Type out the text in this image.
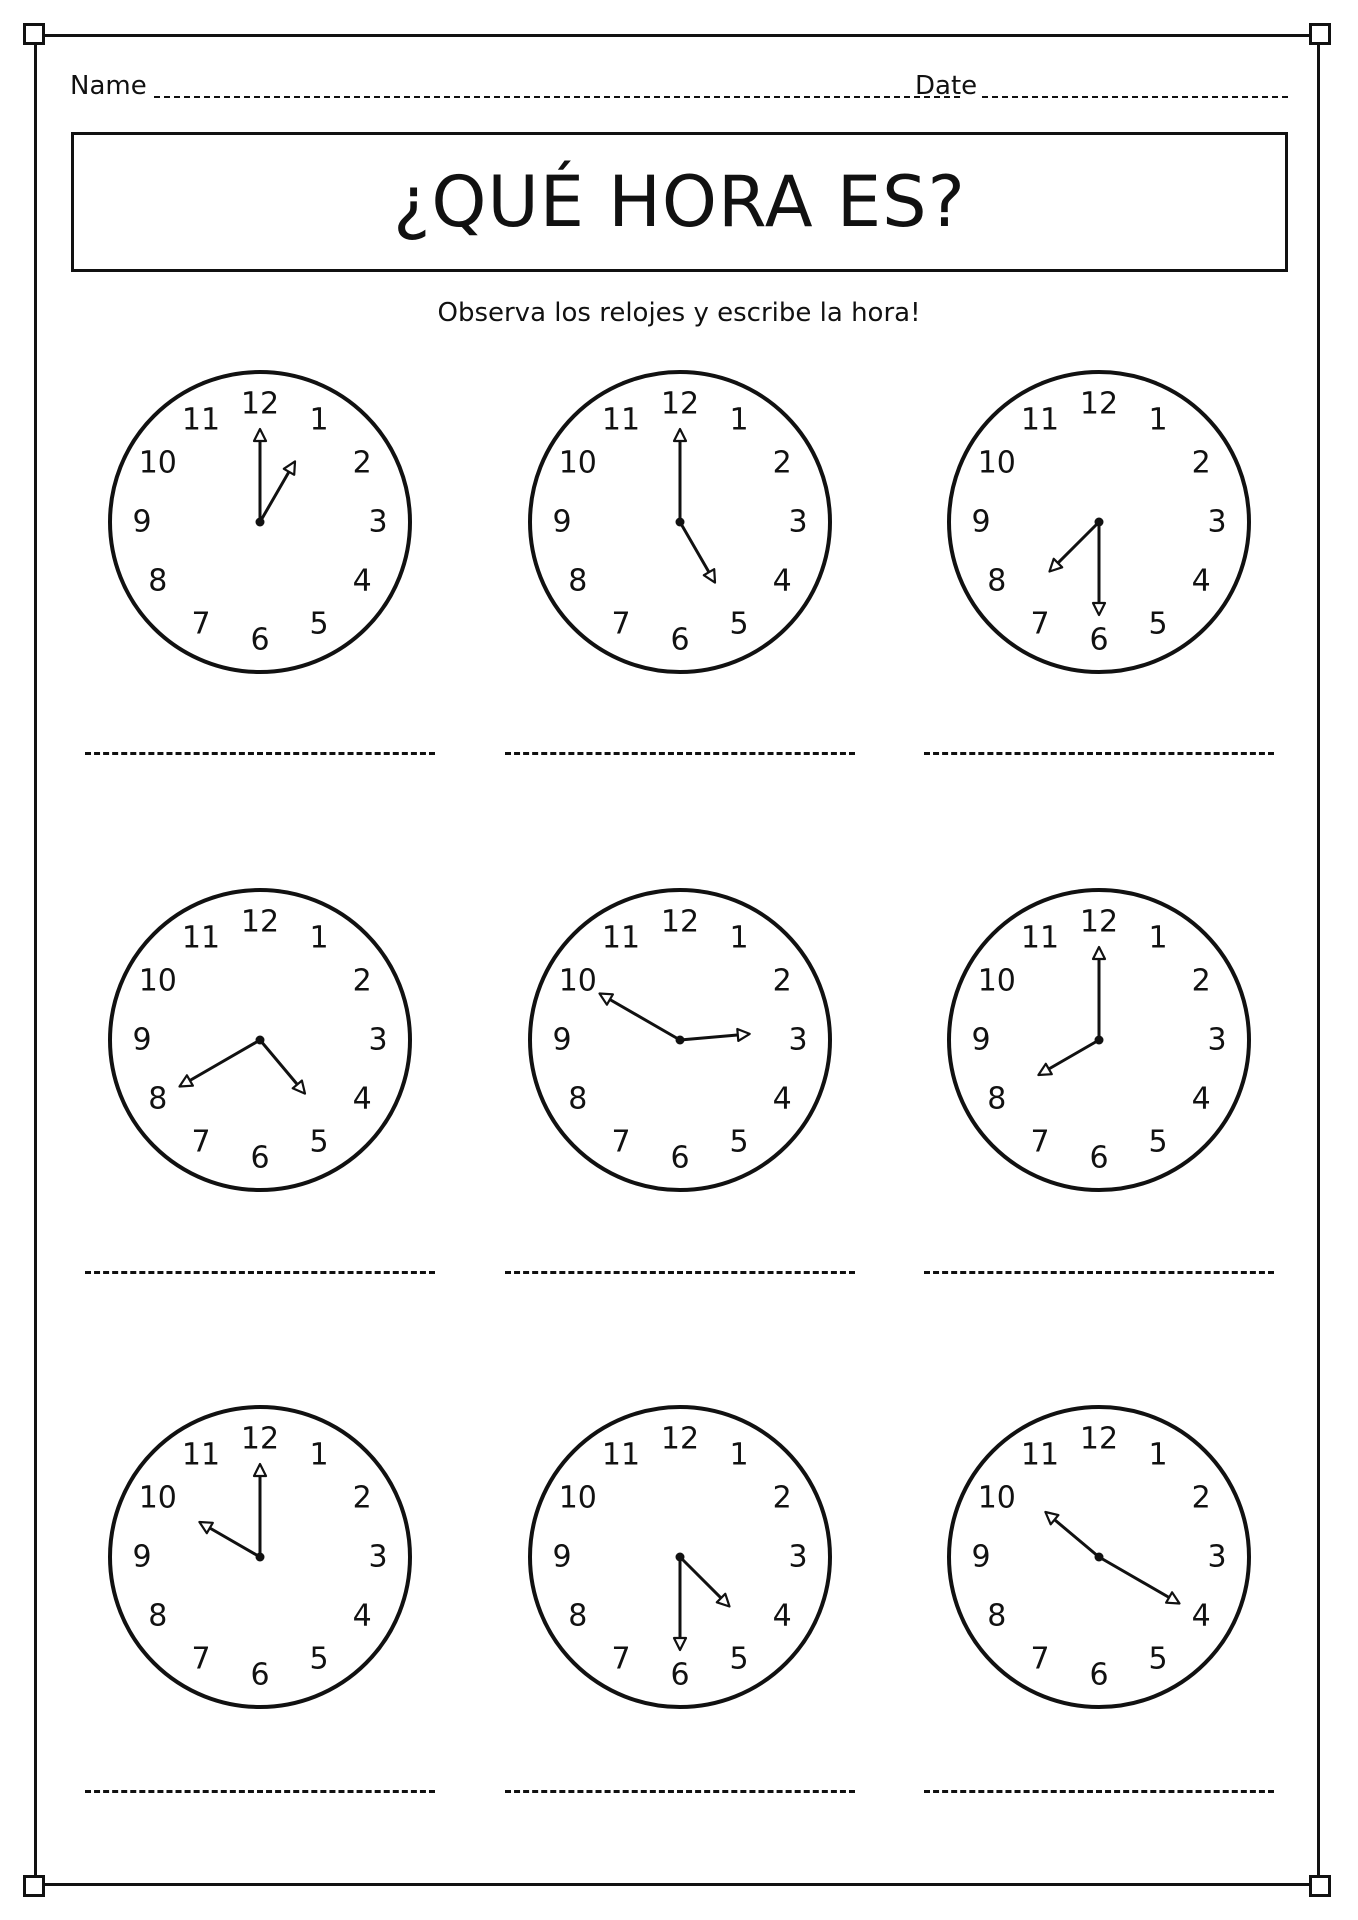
Name	Date
¿QUÉ HORA ES?
Observa los relojes y escribe la hora!
12 1
2
3
4
5
6
7
8
9
10
11	12 1
2
3
4
5
6
7
8
9
10
11	12 1
2
3
4
5
6
7
8
9
10
11
12 1
2
3
4
5
6
7
8
9
10
11	12 1
2
3
4
5
6
7
8
9
10
11	12 1
2
3
4
5
6
7
8
9
10
11
12 1
2
3
4
5
6
7
8
9
10
11	12 1
2
3
4
5
6
7
8
9
10
11	12 1
2
3
4
5
6
7
8
9
10
11
